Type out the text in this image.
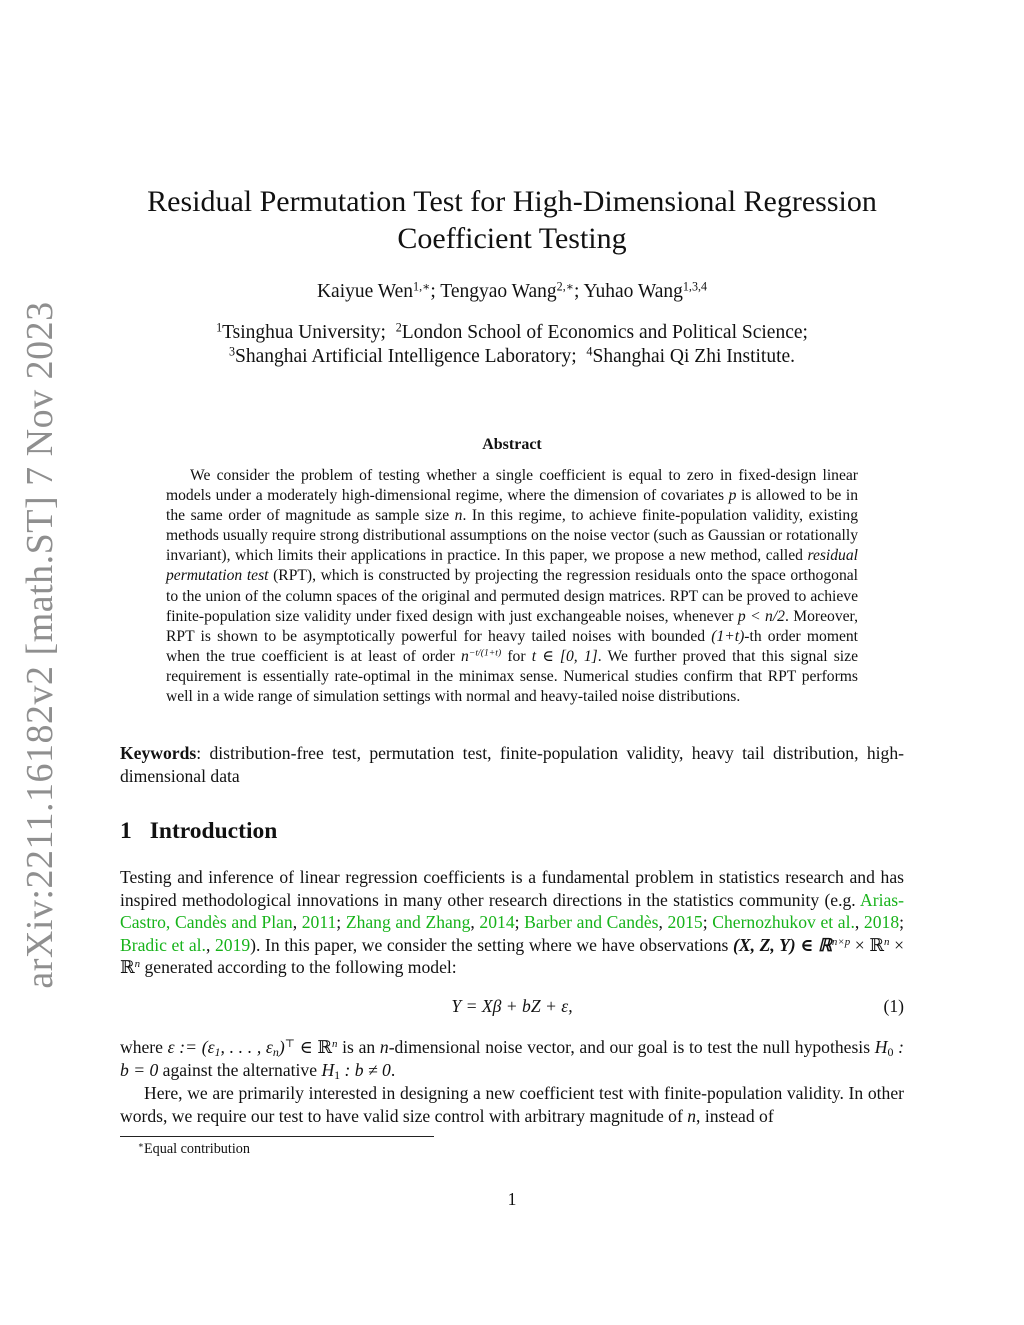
arXiv:2211.16182v2 [math.ST] 7 Nov 2023
Residual Permutation Test for High-Dimensional Regression
Coefficient Testing
Kaiyue Wen$^{1,∗}$; Tengyao Wang$^{2,∗}$; Yuhao Wang$^{1,3,4}$
$^1$Tsinghua University; $^2$London School of Economics and Political Science;
$^3$Shanghai Artificial Intelligence Laboratory; $^4$Shanghai Qi Zhi Institute.
Abstract

We consider the problem of testing whether a single coefficient is equal to zero in fixed-design linear models under a moderately high-dimensional regime, where the dimension of covariates p is allowed to be in the same order of magnitude as sample size n. In this regime, to achieve finite-population validity, existing methods usually require strong distributional assumptions on the noise vector (such as Gaussian or rotationally invariant), which limits their applications in practice. In this paper, we propose a new method, called residual permutation test (RPT), which is constructed by projecting the regression residuals onto the space orthogonal to the union of the column spaces of the original and permuted design matrices. RPT can be proved to achieve finite-population size validity under fixed design with just exchangeable noises, whenever p < n/2. Moreover, RPT is shown to be asymptotically powerful for heavy tailed noises with bounded (1+t)-th order moment when the true coefficient is at least of order $n^{-t/(1+t)}$ for t ∈ [0, 1]. We further proved that this signal size requirement is essentially rate-optimal in the minimax sense. Numerical studies confirm that RPT performs well in a wide range of simulation settings with normal and heavy-tailed noise distributions.

Keywords: distribution-free test, permutation test, finite-population validity, heavy tail distribution, high-dimensional data

1 Introduction

Testing and inference of linear regression coefficients is a fundamental problem in statistics research and has inspired methodological innovations in many other research directions in the statistics community (e.g. Arias-Castro, Candès and Plan, 2011; Zhang and Zhang, 2014; Barber and Candès, 2015; Chernozhukov et al., 2018; Bradic et al., 2019). In this paper, we consider the setting where we have observations (X, Z, Y) ∈ ℝ$^{n\times p}$ × ℝ$^n$ × ℝ$^n$ generated according to the following model:

Y = Xβ + bZ + ε,	(1)

where ε := ($\varepsilon_1$, . . . , $\varepsilon_n)^⊤$ ∈ ℝ$^n$ is an n-dimensional noise vector, and our goal is to test the null hypothesis $H_0$ : b = 0 against the alternative $H_1$ : b ≠ 0.

Here, we are primarily interested in designing a new coefficient test with finite-population validity. In other words, we require our test to have valid size control with arbitrary magnitude of n, instead of

∗Equal contribution
1
